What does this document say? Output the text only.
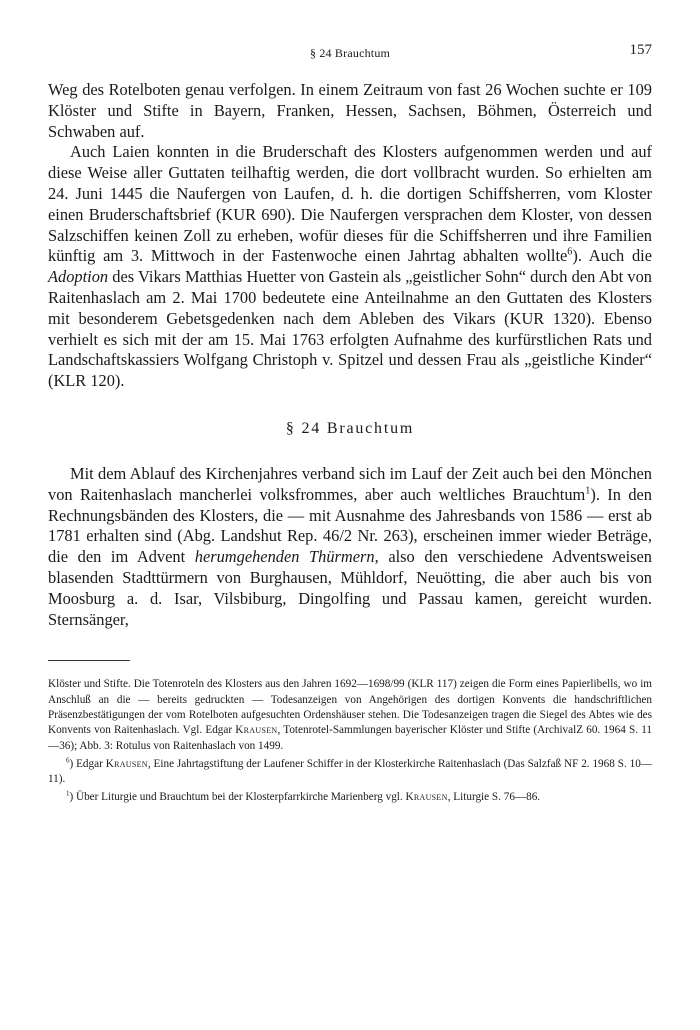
§ 24 Brauchtum	157

Weg des Rotelboten genau verfolgen. In einem Zeitraum von fast 26 Wochen suchte er 109 Klöster und Stifte in Bayern, Franken, Hessen, Sachsen, Böhmen, Österreich und Schwaben auf.

Auch Laien konnten in die Bruderschaft des Klosters aufgenommen werden und auf diese Weise aller Guttaten teilhaftig werden, die dort vollbracht wurden. So erhielten am 24. Juni 1445 die Naufergen von Laufen, d. h. die dortigen Schiffsherren, vom Kloster einen Bruderschaftsbrief (KUR 690). Die Naufergen versprachen dem Kloster, von dessen Salzschiffen keinen Zoll zu erheben, wofür dieses für die Schiffsherren und ihre Familien künftig am 3. Mittwoch in der Fastenwoche einen Jahrtag abhalten wollte$^6$). Auch die Adoption des Vikars Matthias Huetter von Gastein als „geistlicher Sohn“ durch den Abt von Raitenhaslach am 2. Mai 1700 bedeutete eine Anteilnahme an den Guttaten des Klosters mit besonderem Gebetsgedenken nach dem Ableben des Vikars (KUR 1320). Ebenso verhielt es sich mit der am 15. Mai 1763 erfolgten Aufnahme des kurfürstlichen Rats und Landschaftskassiers Wolfgang Christoph v. Spitzel und dessen Frau als „geistliche Kinder“ (KLR 120).

§ 24 Brauchtum

Mit dem Ablauf des Kirchenjahres verband sich im Lauf der Zeit auch bei den Mönchen von Raitenhaslach mancherlei volksfrommes, aber auch weltliches Brauchtum$^1$). In den Rechnungsbänden des Klosters, die — mit Ausnahme des Jahresbands von 1586 — erst ab 1781 erhalten sind (Abg. Landshut Rep. 46/2 Nr. 263), erscheinen immer wieder Beträge, die den im Advent herumgehenden Thürmern, also den verschiedene Adventsweisen blasenden Stadttürmern von Burghausen, Mühldorf, Neuötting, die aber auch bis von Moosburg a. d. Isar, Vilsbiburg, Dingolfing und Passau kamen, gereicht wurden. Sternsänger,

Klöster und Stifte. Die Totenroteln des Klosters aus den Jahren 1692—1698/99 (KLR 117) zeigen die Form eines Papierlibells, wo im Anschluß an die — bereits gedruckten — Todesanzeigen von Angehörigen des dortigen Konvents die handschriftlichen Präsenzbestätigungen der vom Rotelboten aufgesuchten Ordenshäuser stehen. Die Todesanzeigen tragen die Siegel des Abtes wie des Konvents von Raitenhaslach. Vgl. Edgar Krausen, Totenrotel-Sammlungen bayerischer Klöster und Stifte (ArchivalZ 60. 1964 S. 11—36); Abb. 3: Rotulus von Raitenhaslach von 1499.

$^6$) Edgar Krausen, Eine Jahrtagstiftung der Laufener Schiffer in der Klosterkirche Raitenhaslach (Das Salzfaß NF 2. 1968 S. 10—11).

$^1$) Über Liturgie und Brauchtum bei der Klosterpfarrkirche Marienberg vgl. Krausen, Liturgie S. 76—86.
